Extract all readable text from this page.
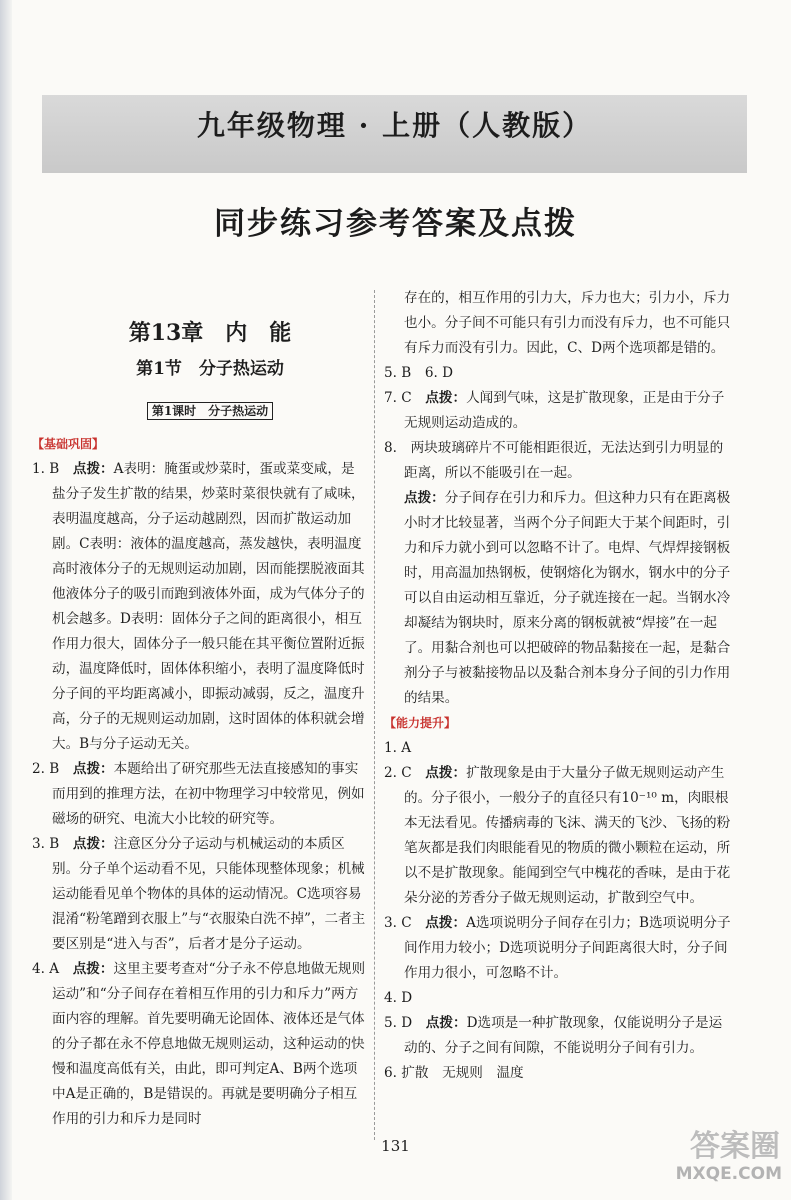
九年级物理 · 上册（人教版）
同步练习参考答案及点拨
第13章　内　能
第1节　分子热运动
第1课时　分子热运动
【基础巩固】
1. B　 点拨：A表明：腌蛋或炒菜时，蛋或菜变咸，是盐分子发生扩散的结果，炒菜时菜很快就有了咸味，表明温度越高，分子运动越剧烈，因而扩散运动加剧。C表明：液体的温度越高，蒸发越快，表明温度高时液体分子的无规则运动加剧，因而能摆脱液面其他液体分子的吸引而跑到液体外面，成为气体分子的机会越多。D表明：固体分子之间的距离很小，相互作用力很大，固体分子一般只能在其平衡位置附近振动，温度降低时，固体体积缩小，表明了温度降低时分子间的平均距离减小，即振动减弱，反之，温度升高，分子的无规则运动加剧，这时固体的体积就会增大。B与分子运动无关。
2. B　 点拨：本题给出了研究那些无法直接感知的事实而用到的推理方法，在初中物理学习中较常见，例如磁场的研究、电流大小比较的研究等。
3. B　 点拨：注意区分分子运动与机械运动的本质区别。分子单个运动看不见，只能体现整体现象；机械运动能看见单个物体的具体的运动情况。C选项容易混淆“粉笔蹭到衣服上”与“衣服染白洗不掉”，二者主要区别是“进入与否”，后者才是分子运动。
4. A　 点拨：这里主要考查对“分子永不停息地做无规则运动”和“分子间存在着相互作用的引力和斥力”两方面内容的理解。首先要明确无论固体、液体还是气体的分子都在永不停息地做无规则运动，这种运动的快慢和温度高低有关，由此，即可判定A、B两个选项中A是正确的，B是错误的。再就是要明确分子相互作用的引力和斥力是同时
存在的，相互作用的引力大，斥力也大；引力小，斥力也小。分子间不可能只有引力而没有斥力，也不可能只有斥力而没有引力。因此，C、D两个选项都是错的。
5. B　6. D
7. C　 点拨：人闻到气味，这是扩散现象，正是由于分子无规则运动造成的。
8.　 两块玻璃碎片不可能相距很近，无法达到引力明显的距离，所以不能吸引在一起。
点拨：分子间存在引力和斥力。但这种力只有在距离极小时才比较显著，当两个分子间距大于某个间距时，引力和斥力就小到可以忽略不计了。电焊、气焊焊接钢板时，用高温加热钢板，使钢熔化为钢水，钢水中的分子可以自由运动相互靠近，分子就连接在一起。当钢水冷却凝结为钢块时，原来分离的钢板就被“焊接”在一起了。用黏合剂也可以把破碎的物品黏接在一起，是黏合剂分子与被黏接物品以及黏合剂本身分子间的引力作用的结果。
【能力提升】
1. A
2. C　 点拨：扩散现象是由于大量分子做无规则运动产生的。分子很小，一般分子的直径只有10⁻¹⁰ m，肉眼根本无法看见。传播病毒的飞沫、满天的飞沙、飞扬的粉笔灰都是我们肉眼能看见的物质的微小颗粒在运动，所以不是扩散现象。能闻到空气中槐花的香味，是由于花朵分泌的芳香分子做无规则运动，扩散到空气中。
3. C　 点拨：A选项说明分子间存在引力；B选项说明分子间作用力较小；D选项说明分子间距离很大时，分子间作用力很小，可忽略不计。
4. D
5. D　 点拨：D选项是一种扩散现象，仅能说明分子是运动的、分子之间有间隙，不能说明分子间有引力。
6. 扩散　无规则　温度
131	答案圈
MXQE.COM
